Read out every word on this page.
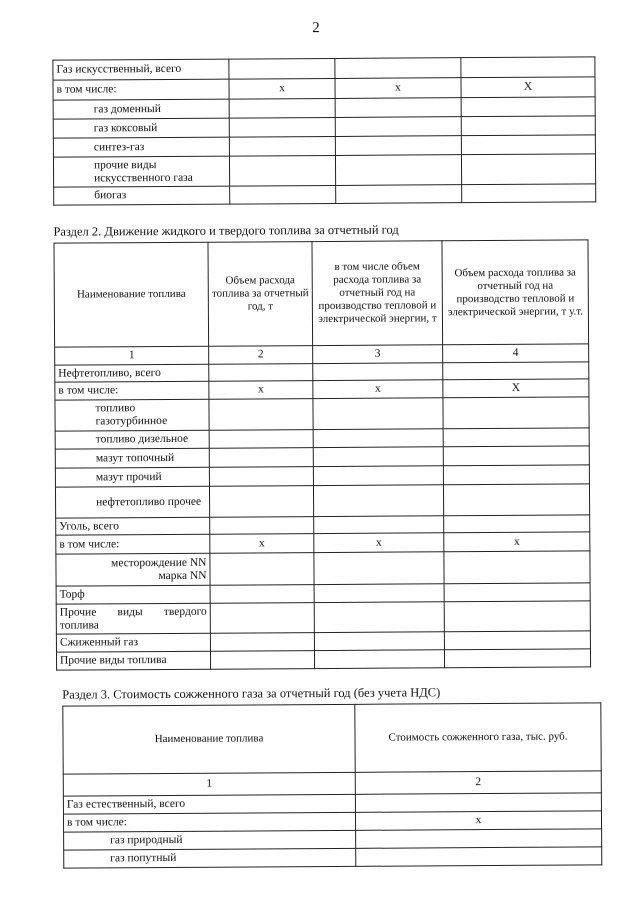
2
Газ искусственный, всего			
в том числе:	x	x	X
газ доменный			
газ коксовый			
синтез-газ			
прочие виды искусственного газа			
биогаз			
Раздел 2. Движение жидкого и твердого топлива за отчетный год
Наименование топлива	Объем расхода топлива за отчетный год, т	в том числе объем расхода топлива за отчетный год на производство тепловой и электрической энергии, т	Объем расхода топлива за отчетный год на производство тепловой и электрической энергии, т у.т.
1	2	3	4
Нефтетопливо, всего			
в том числе:	x	x	X
топливо газотурбинное			
топливо дизельное			
мазут топочный			
мазут прочий			
нефтетопливо прочее			
Уголь, всего			
в том числе:	x	x	x
месторождение NN марка NN			
Торф			
Прочие виды твердого топлива			
Сжиженный газ			
Прочие виды топлива			
Раздел 3. Стоимость сожженного газа за отчетный год (без учета НДС)
Наименование топлива	Стоимость сожженного газа, тыс. руб.
1	2
Газ естественный, всего	
в том числе:	x
газ природный	
газ попутный	
